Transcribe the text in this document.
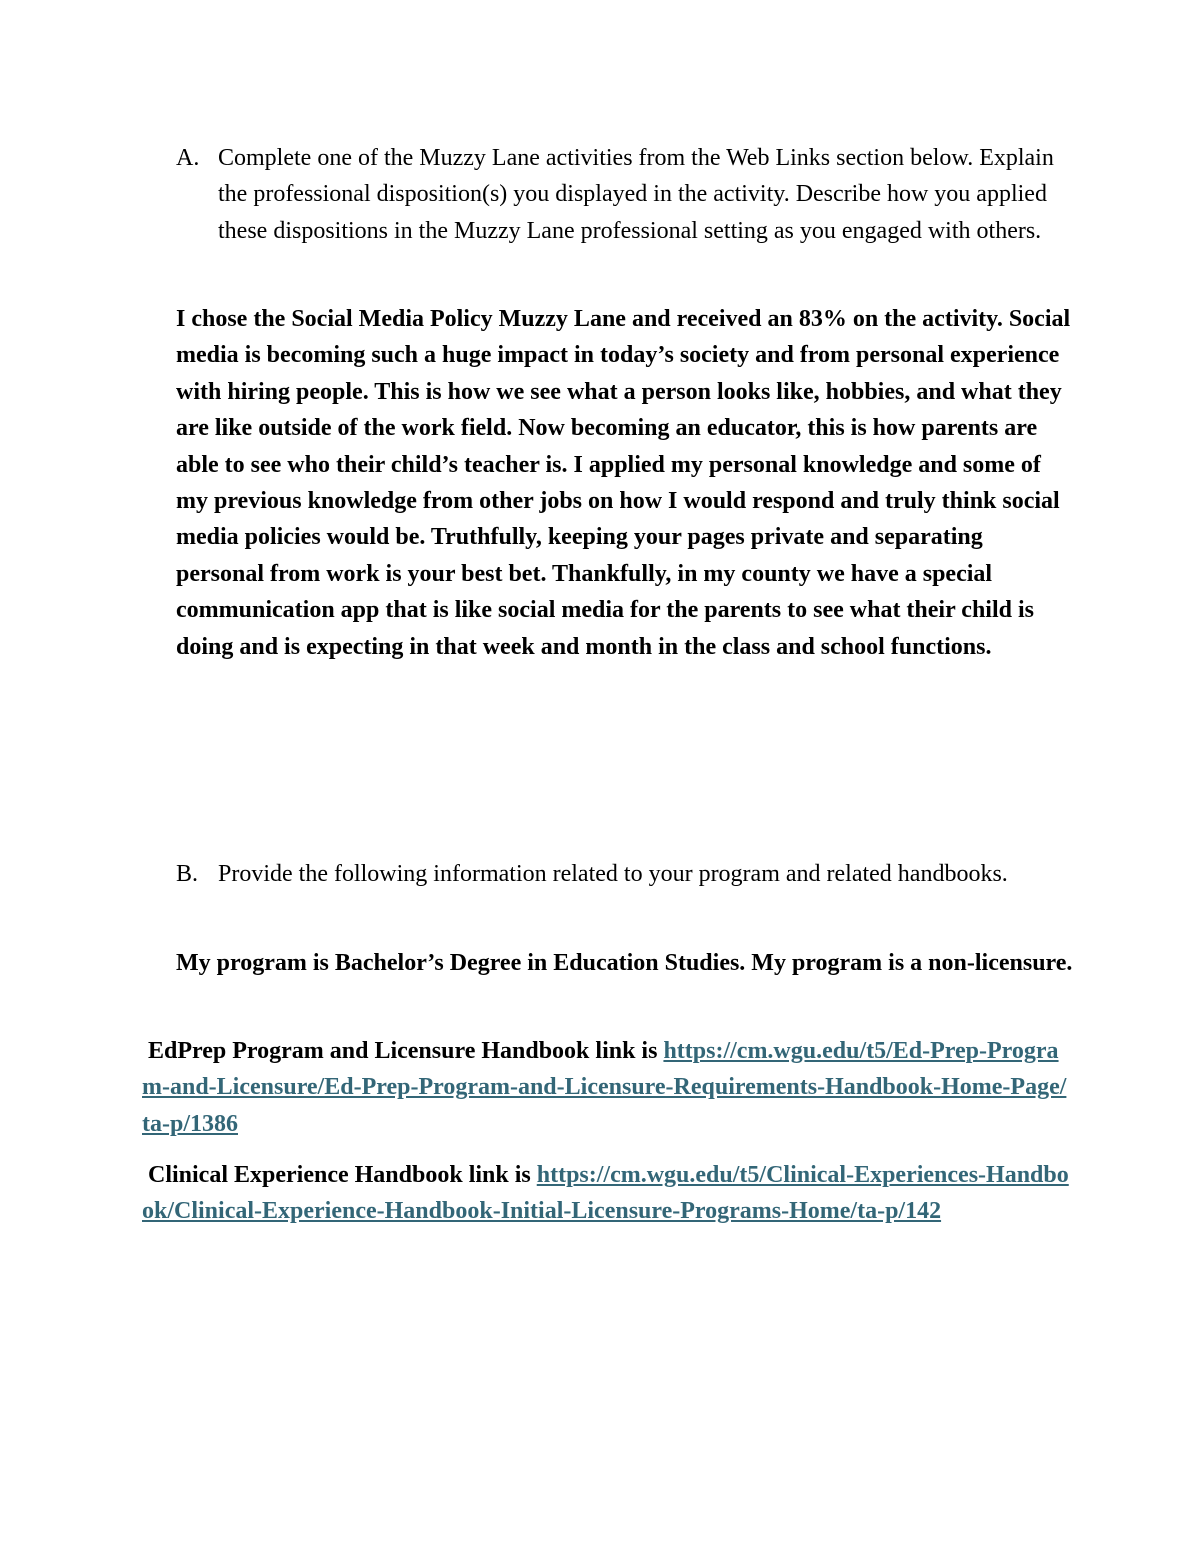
A. Complete one of the Muzzy Lane activities from the Web Links section below. Explain the professional disposition(s) you displayed in the activity. Describe how you applied these dispositions in the Muzzy Lane professional setting as you engaged with others.
I chose the Social Media Policy Muzzy Lane and received an 83% on the activity. Social media is becoming such a huge impact in today’s society and from personal experience with hiring people. This is how we see what a person looks like, hobbies, and what they are like outside of the work field. Now becoming an educator, this is how parents are able to see who their child’s teacher is. I applied my personal knowledge and some of my previous knowledge from other jobs on how I would respond and truly think social media policies would be. Truthfully, keeping your pages private and separating personal from work is your best bet. Thankfully, in my county we have a special communication app that is like social media for the parents to see what their child is doing and is expecting in that week and month in the class and school functions.
B. Provide the following information related to your program and related handbooks.
My program is Bachelor’s Degree in Education Studies. My program is a non-licensure.
EdPrep Program and Licensure Handbook link is https://cm.wgu.edu/t5/Ed-Prep-Program-and-Licensure/Ed-Prep-Program-and-Licensure-Requirements-Handbook-Home-Page/ta-p/1386
Clinical Experience Handbook link is https://cm.wgu.edu/t5/Clinical-Experiences-Handbook/Clinical-Experience-Handbook-Initial-Licensure-Programs-Home/ta-p/142
